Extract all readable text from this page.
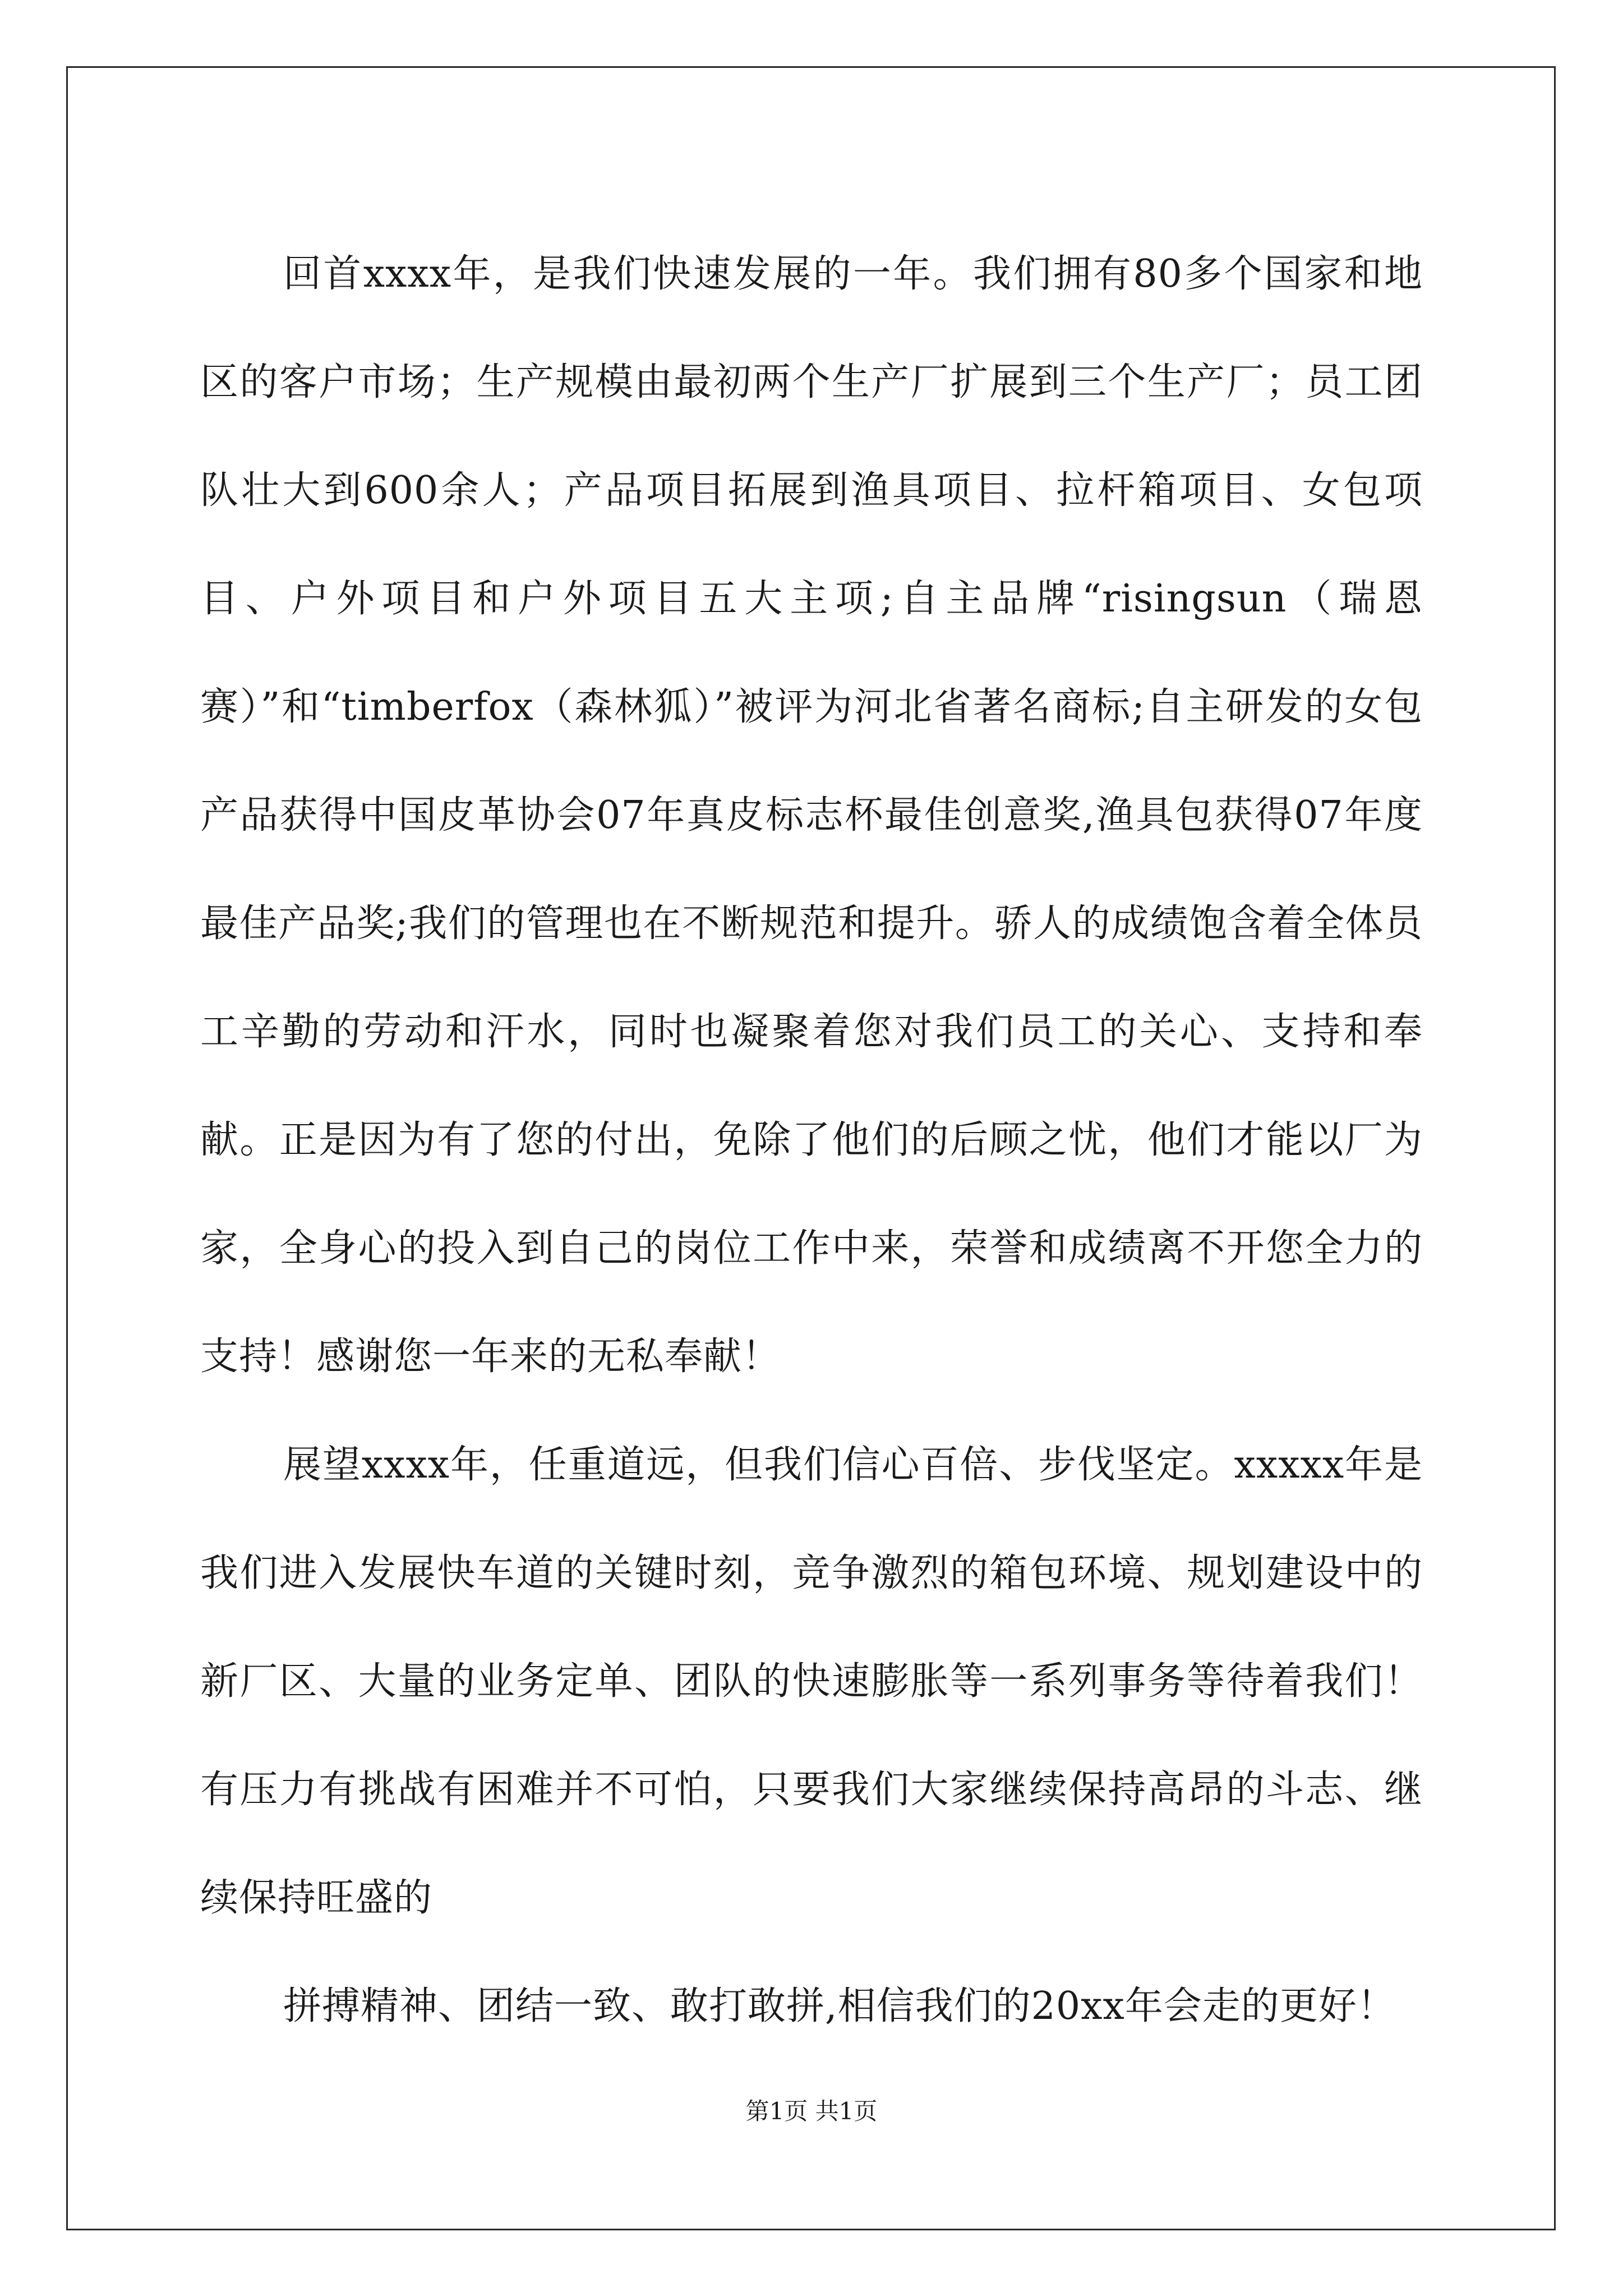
回首xxxx年，是我们快速发展的一年。我们拥有80多个国家和地区的客户市场；生产规模由最初两个生产厂扩展到三个生产厂；员工团队壮大到600余人；产品项目拓展到渔具项目、拉杆箱项目、女包项目、户外项目和户外项目五大主项;自主品牌“risingsun（瑞恩赛）”和“timberfox（森林狐）”被评为河北省著名商标;自主研发的女包产品获得中国皮革协会07年真皮标志杯最佳创意奖,渔具包获得07年度最佳产品奖;我们的管理也在不断规范和提升。骄人的成绩饱含着全体员工辛勤的劳动和汗水，同时也凝聚着您对我们员工的关心、支持和奉献。正是因为有了您的付出，免除了他们的后顾之忧，他们才能以厂为家，全身心的投入到自己的岗位工作中来，荣誉和成绩离不开您全力的支持！感谢您一年来的无私奉献！

展望xxxx年，任重道远，但我们信心百倍、步伐坚定。xxxxx年是我们进入发展快车道的关键时刻，竞争激烈的箱包环境、规划建设中的新厂区、大量的业务定单、团队的快速膨胀等一系列事务等待着我们！有压力有挑战有困难并不可怕，只要我们大家继续保持高昂的斗志、继续保持旺盛的

拼搏精神、团结一致、敢打敢拼,相信我们的20xx年会走的更好！

第1页 共1页
